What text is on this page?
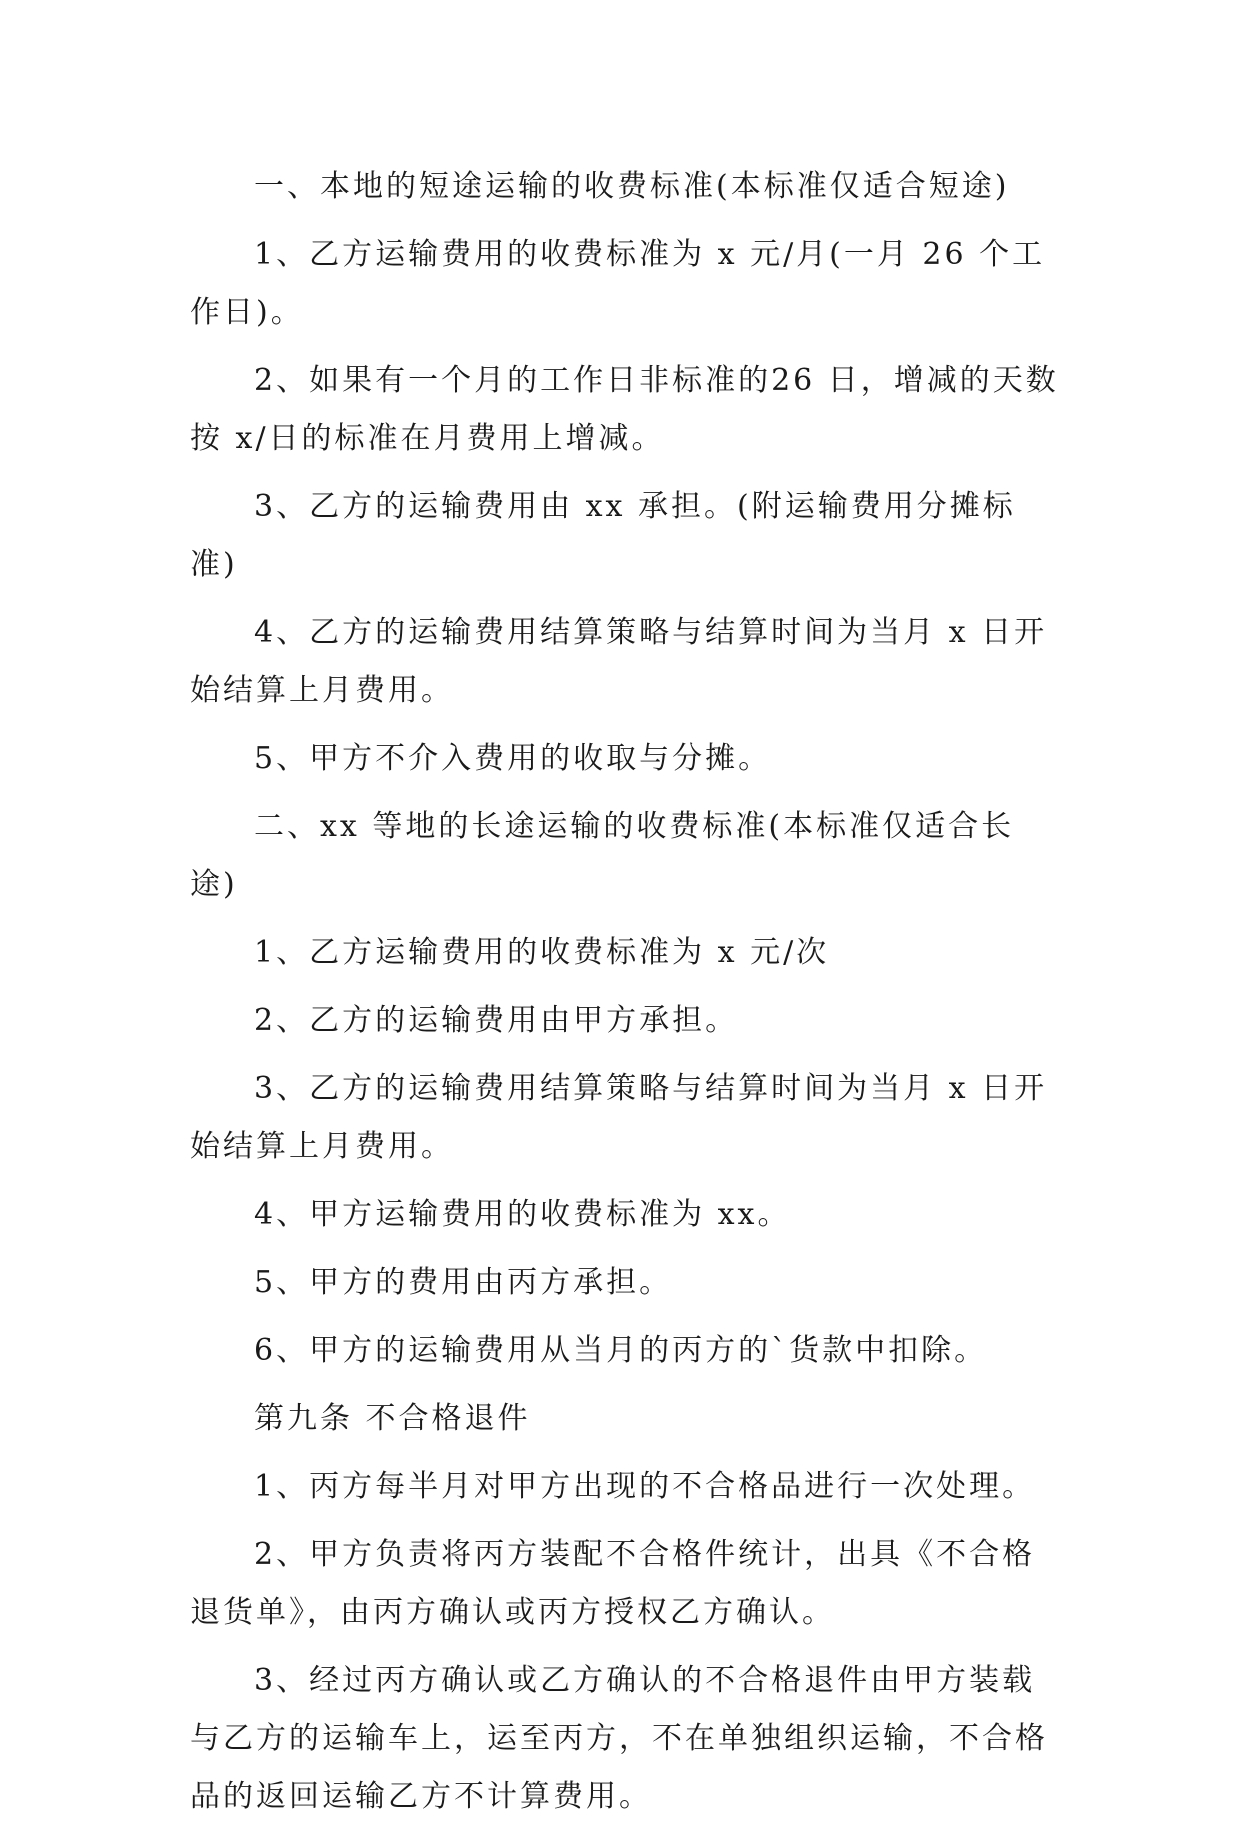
一、本地的短途运输的收费标准(本标准仅适合短途)

1、乙方运输费用的收费标准为 x 元/月(一月 26 个工作日)。

2、如果有一个月的工作日非标准的26 日，增减的天数按 x/日的标准在月费用上增减。

3、乙方的运输费用由 xx 承担。(附运输费用分摊标准)

4、乙方的运输费用结算策略与结算时间为当月 x 日开始结算上月费用。

5、甲方不介入费用的收取与分摊。

二、xx 等地的长途运输的收费标准(本标准仅适合长途)

1、乙方运输费用的收费标准为 x 元/次

2、乙方的运输费用由甲方承担。

3、乙方的运输费用结算策略与结算时间为当月 x 日开始结算上月费用。

4、甲方运输费用的收费标准为 xx。

5、甲方的费用由丙方承担。

6、甲方的运输费用从当月的丙方的`货款中扣除。

第九条 不合格退件

1、丙方每半月对甲方出现的不合格品进行一次处理。

2、甲方负责将丙方装配不合格件统计，出具《不合格退货单》，由丙方确认或丙方授权乙方确认。

3、经过丙方确认或乙方确认的不合格退件由甲方装载与乙方的运输车上，运至丙方，不在单独组织运输，不合格品的返回运输乙方不计算费用。
